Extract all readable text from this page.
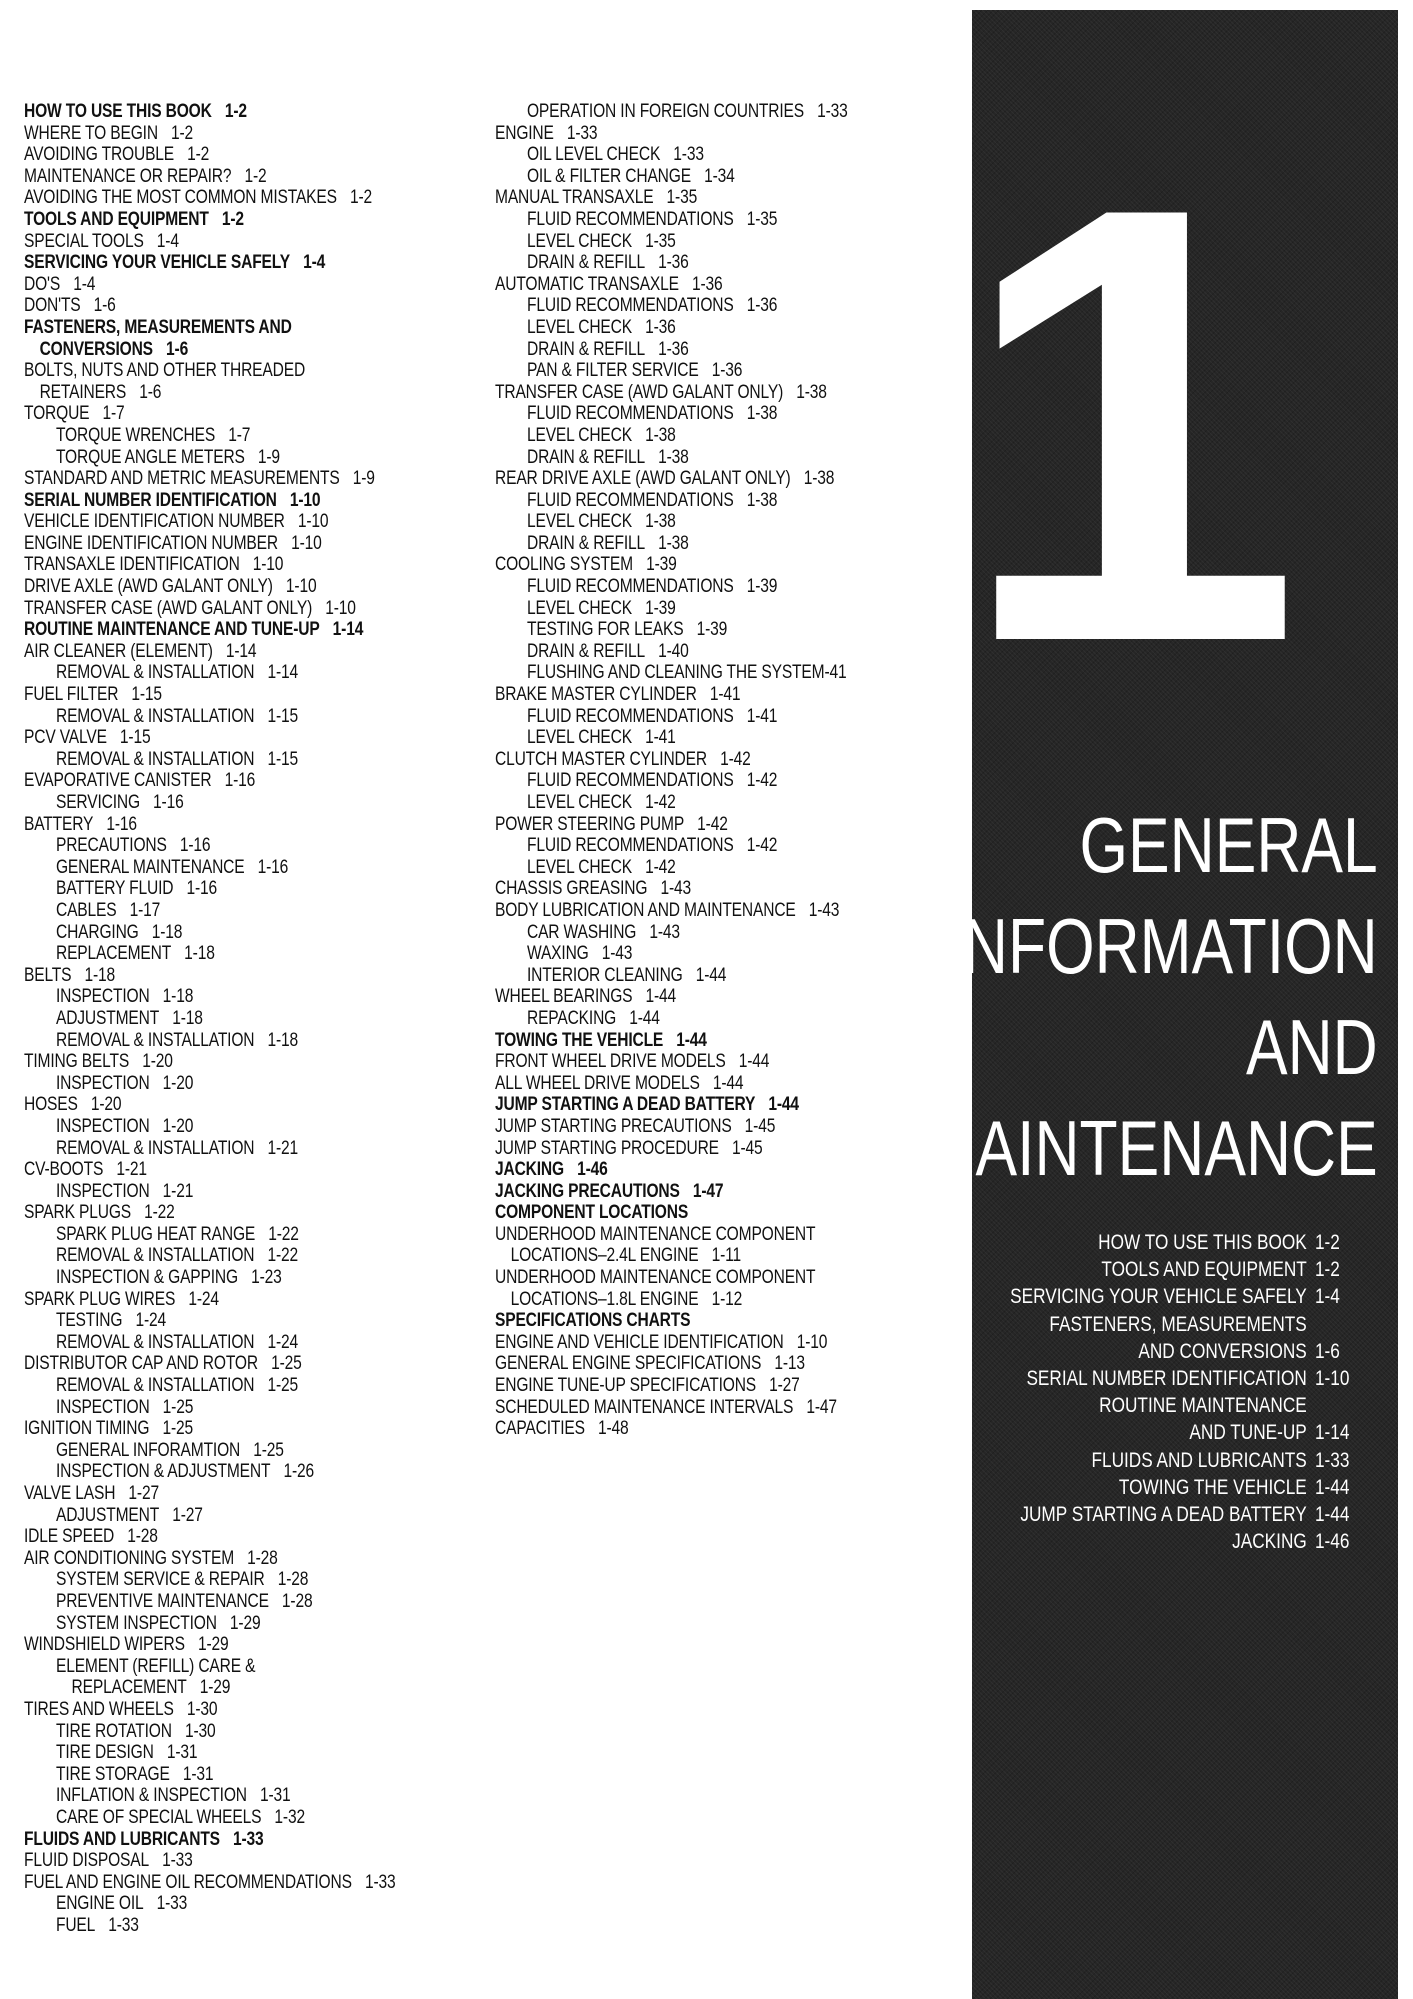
HOW TO USE THIS BOOK 1-2
WHERE TO BEGIN 1-2
AVOIDING TROUBLE 1-2
MAINTENANCE OR REPAIR? 1-2
AVOIDING THE MOST COMMON MISTAKES 1-2
TOOLS AND EQUIPMENT 1-2
SPECIAL TOOLS 1-4
SERVICING YOUR VEHICLE SAFELY 1-4
DO'S 1-4
DON'TS 1-6
FASTENERS, MEASUREMENTS AND
CONVERSIONS 1-6
BOLTS, NUTS AND OTHER THREADED
RETAINERS 1-6
TORQUE 1-7
TORQUE WRENCHES 1-7
TORQUE ANGLE METERS 1-9
STANDARD AND METRIC MEASUREMENTS 1-9
SERIAL NUMBER IDENTIFICATION 1-10
VEHICLE IDENTIFICATION NUMBER 1-10
ENGINE IDENTIFICATION NUMBER 1-10
TRANSAXLE IDENTIFICATION 1-10
DRIVE AXLE (AWD GALANT ONLY) 1-10
TRANSFER CASE (AWD GALANT ONLY) 1-10
ROUTINE MAINTENANCE AND TUNE-UP 1-14
AIR CLEANER (ELEMENT) 1-14
REMOVAL & INSTALLATION 1-14
FUEL FILTER 1-15
REMOVAL & INSTALLATION 1-15
PCV VALVE 1-15
REMOVAL & INSTALLATION 1-15
EVAPORATIVE CANISTER 1-16
SERVICING 1-16
BATTERY 1-16
PRECAUTIONS 1-16
GENERAL MAINTENANCE 1-16
BATTERY FLUID 1-16
CABLES 1-17
CHARGING 1-18
REPLACEMENT 1-18
BELTS 1-18
INSPECTION 1-18
ADJUSTMENT 1-18
REMOVAL & INSTALLATION 1-18
TIMING BELTS 1-20
INSPECTION 1-20
HOSES 1-20
INSPECTION 1-20
REMOVAL & INSTALLATION 1-21
CV-BOOTS 1-21
INSPECTION 1-21
SPARK PLUGS 1-22
SPARK PLUG HEAT RANGE 1-22
REMOVAL & INSTALLATION 1-22
INSPECTION & GAPPING 1-23
SPARK PLUG WIRES 1-24
TESTING 1-24
REMOVAL & INSTALLATION 1-24
DISTRIBUTOR CAP AND ROTOR 1-25
REMOVAL & INSTALLATION 1-25
INSPECTION 1-25
IGNITION TIMING 1-25
GENERAL INFORAMTION 1-25
INSPECTION & ADJUSTMENT 1-26
VALVE LASH 1-27
ADJUSTMENT 1-27
IDLE SPEED 1-28
AIR CONDITIONING SYSTEM 1-28
SYSTEM SERVICE & REPAIR 1-28
PREVENTIVE MAINTENANCE 1-28
SYSTEM INSPECTION 1-29
WINDSHIELD WIPERS 1-29
ELEMENT (REFILL) CARE &
REPLACEMENT 1-29
TIRES AND WHEELS 1-30
TIRE ROTATION 1-30
TIRE DESIGN 1-31
TIRE STORAGE 1-31
INFLATION & INSPECTION 1-31
CARE OF SPECIAL WHEELS 1-32
FLUIDS AND LUBRICANTS 1-33
FLUID DISPOSAL 1-33
FUEL AND ENGINE OIL RECOMMENDATIONS 1-33
ENGINE OIL 1-33
FUEL 1-33
OPERATION IN FOREIGN COUNTRIES 1-33
ENGINE 1-33
OIL LEVEL CHECK 1-33
OIL & FILTER CHANGE 1-34
MANUAL TRANSAXLE 1-35
FLUID RECOMMENDATIONS 1-35
LEVEL CHECK 1-35
DRAIN & REFILL 1-36
AUTOMATIC TRANSAXLE 1-36
FLUID RECOMMENDATIONS 1-36
LEVEL CHECK 1-36
DRAIN & REFILL 1-36
PAN & FILTER SERVICE 1-36
TRANSFER CASE (AWD GALANT ONLY) 1-38
FLUID RECOMMENDATIONS 1-38
LEVEL CHECK 1-38
DRAIN & REFILL 1-38
REAR DRIVE AXLE (AWD GALANT ONLY) 1-38
FLUID RECOMMENDATIONS 1-38
LEVEL CHECK 1-38
DRAIN & REFILL 1-38
COOLING SYSTEM 1-39
FLUID RECOMMENDATIONS 1-39
LEVEL CHECK 1-39
TESTING FOR LEAKS 1-39
DRAIN & REFILL 1-40
FLUSHING AND CLEANING THE SYSTEM-41
BRAKE MASTER CYLINDER 1-41
FLUID RECOMMENDATIONS 1-41
LEVEL CHECK 1-41
CLUTCH MASTER CYLINDER 1-42
FLUID RECOMMENDATIONS 1-42
LEVEL CHECK 1-42
POWER STEERING PUMP 1-42
FLUID RECOMMENDATIONS 1-42
LEVEL CHECK 1-42
CHASSIS GREASING 1-43
BODY LUBRICATION AND MAINTENANCE 1-43
CAR WASHING 1-43
WAXING 1-43
INTERIOR CLEANING 1-44
WHEEL BEARINGS 1-44
REPACKING 1-44
TOWING THE VEHICLE 1-44
FRONT WHEEL DRIVE MODELS 1-44
ALL WHEEL DRIVE MODELS 1-44
JUMP STARTING A DEAD BATTERY 1-44
JUMP STARTING PRECAUTIONS 1-45
JUMP STARTING PROCEDURE 1-45
JACKING 1-46
JACKING PRECAUTIONS 1-47
COMPONENT LOCATIONS
UNDERHOOD MAINTENANCE COMPONENT
LOCATIONS–2.4L ENGINE 1-11
UNDERHOOD MAINTENANCE COMPONENT
LOCATIONS–1.8L ENGINE 1-12
SPECIFICATIONS CHARTS
ENGINE AND VEHICLE IDENTIFICATION 1-10
GENERAL ENGINE SPECIFICATIONS 1-13
ENGINE TUNE-UP SPECIFICATIONS 1-27
SCHEDULED MAINTENANCE INTERVALS 1-47
CAPACITIES 1-48
1
GENERAL
INFORMATION
AND
MAINTENANCE
HOW TO USE THIS BOOK 1-2
TOOLS AND EQUIPMENT 1-2
SERVICING YOUR VEHICLE SAFELY 1-4
FASTENERS, MEASUREMENTS
AND CONVERSIONS 1-6
SERIAL NUMBER IDENTIFICATION 1-10
ROUTINE MAINTENANCE
AND TUNE-UP 1-14
FLUIDS AND LUBRICANTS 1-33
TOWING THE VEHICLE 1-44
JUMP STARTING A DEAD BATTERY 1-44
JACKING 1-46
